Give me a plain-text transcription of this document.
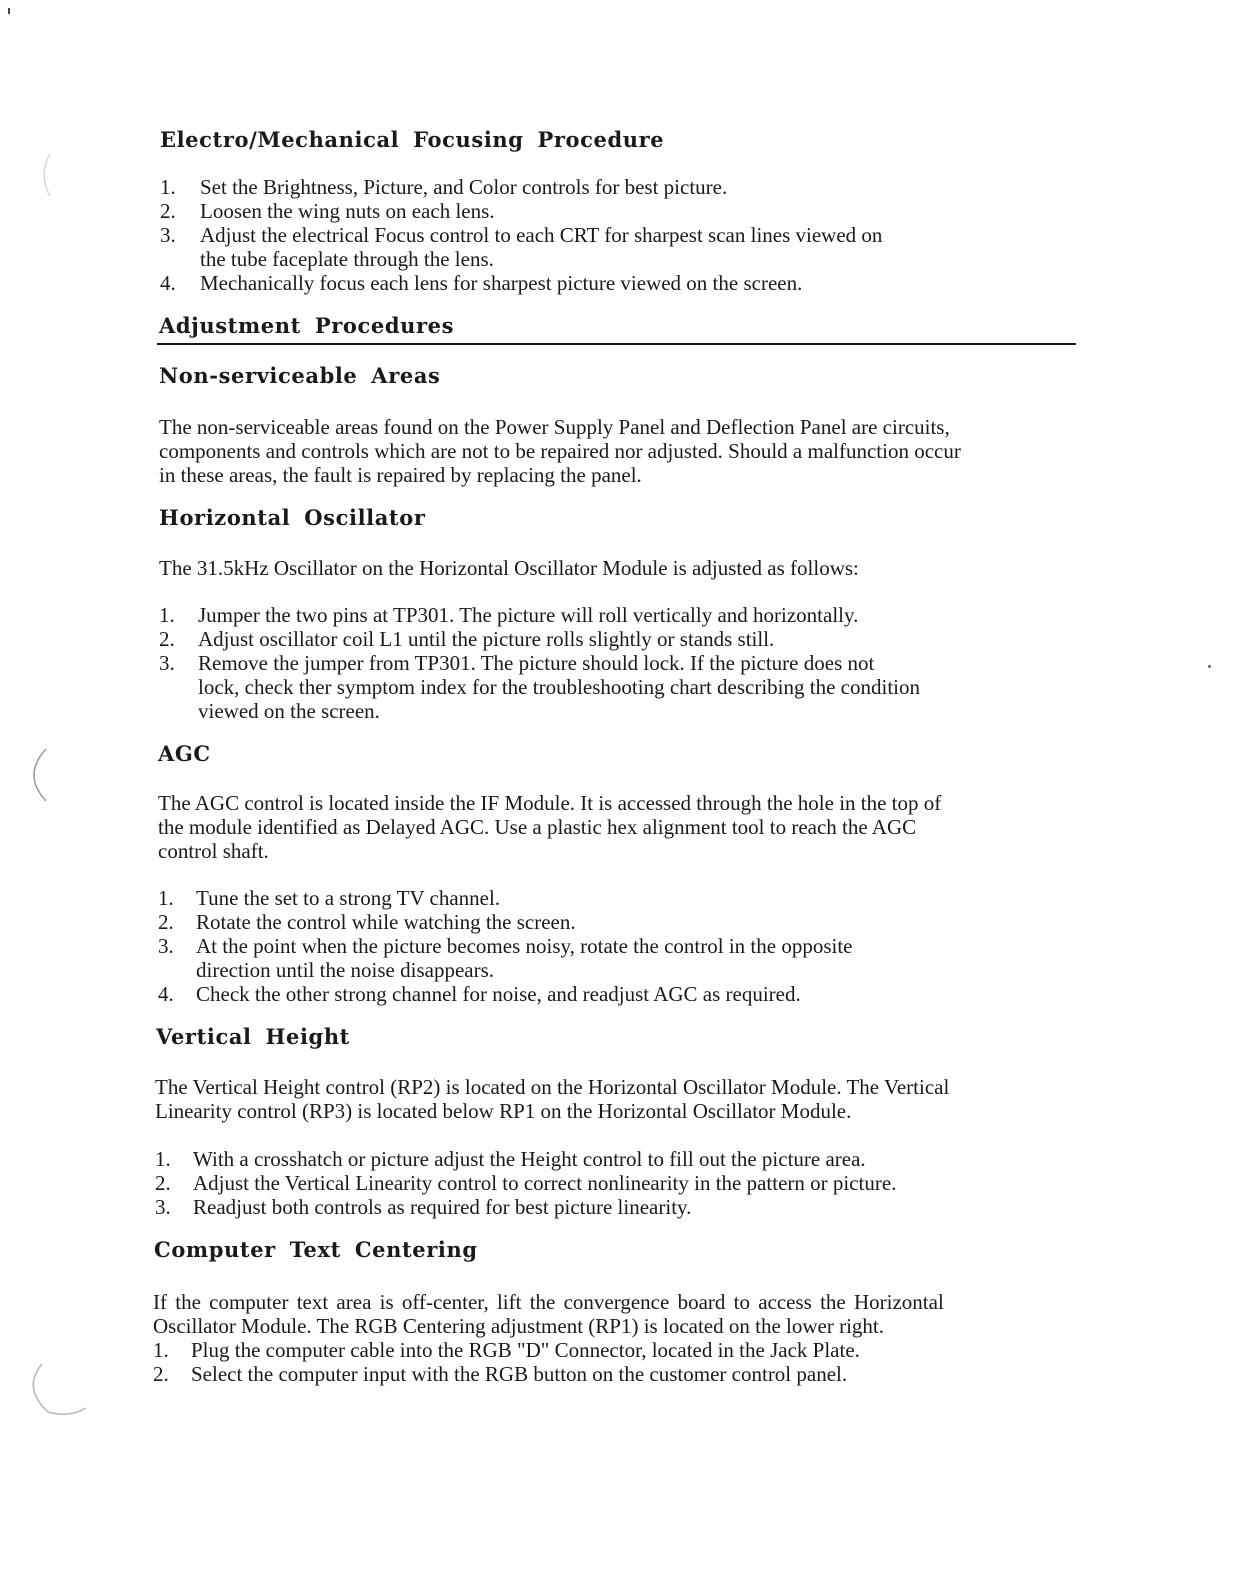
Electro/Mechanical Focusing Procedure
1. Set the Brightness, Picture, and Color controls for best picture.
2. Loosen the wing nuts on each lens.
3. Adjust the electrical Focus control to each CRT for sharpest scan lines viewed on
the tube faceplate through the lens.
4. Mechanically focus each lens for sharpest picture viewed on the screen.
Adjustment Procedures
Non-serviceable Areas
The non-serviceable areas found on the Power Supply Panel and Deflection Panel are circuits,
components and controls which are not to be repaired nor adjusted. Should a malfunction occur
in these areas, the fault is repaired by replacing the panel.
Horizontal Oscillator
The 31.5kHz Oscillator on the Horizontal Oscillator Module is adjusted as follows:
1. Jumper the two pins at TP301. The picture will roll vertically and horizontally.
2. Adjust oscillator coil L1 until the picture rolls slightly or stands still.
3. Remove the jumper from TP301. The picture should lock. If the picture does not
lock, check ther symptom index for the troubleshooting chart describing the condition
viewed on the screen.
AGC
The AGC control is located inside the IF Module. It is accessed through the hole in the top of
the module identified as Delayed AGC. Use a plastic hex alignment tool to reach the AGC
control shaft.
1. Tune the set to a strong TV channel.
2. Rotate the control while watching the screen.
3. At the point when the picture becomes noisy, rotate the control in the opposite
direction until the noise disappears.
4. Check the other strong channel for noise, and readjust AGC as required.
Vertical Height
The Vertical Height control (RP2) is located on the Horizontal Oscillator Module. The Vertical
Linearity control (RP3) is located below RP1 on the Horizontal Oscillator Module.
1. With a crosshatch or picture adjust the Height control to fill out the picture area.
2. Adjust the Vertical Linearity control to correct nonlinearity in the pattern or picture.
3. Readjust both controls as required for best picture linearity.
Computer Text Centering
If the computer text area is off-center, lift the convergence board to access the Horizontal
Oscillator Module. The RGB Centering adjustment (RP1) is located on the lower right.
1. Plug the computer cable into the RGB "D" Connector, located in the Jack Plate.
2. Select the computer input with the RGB button on the customer control panel.
